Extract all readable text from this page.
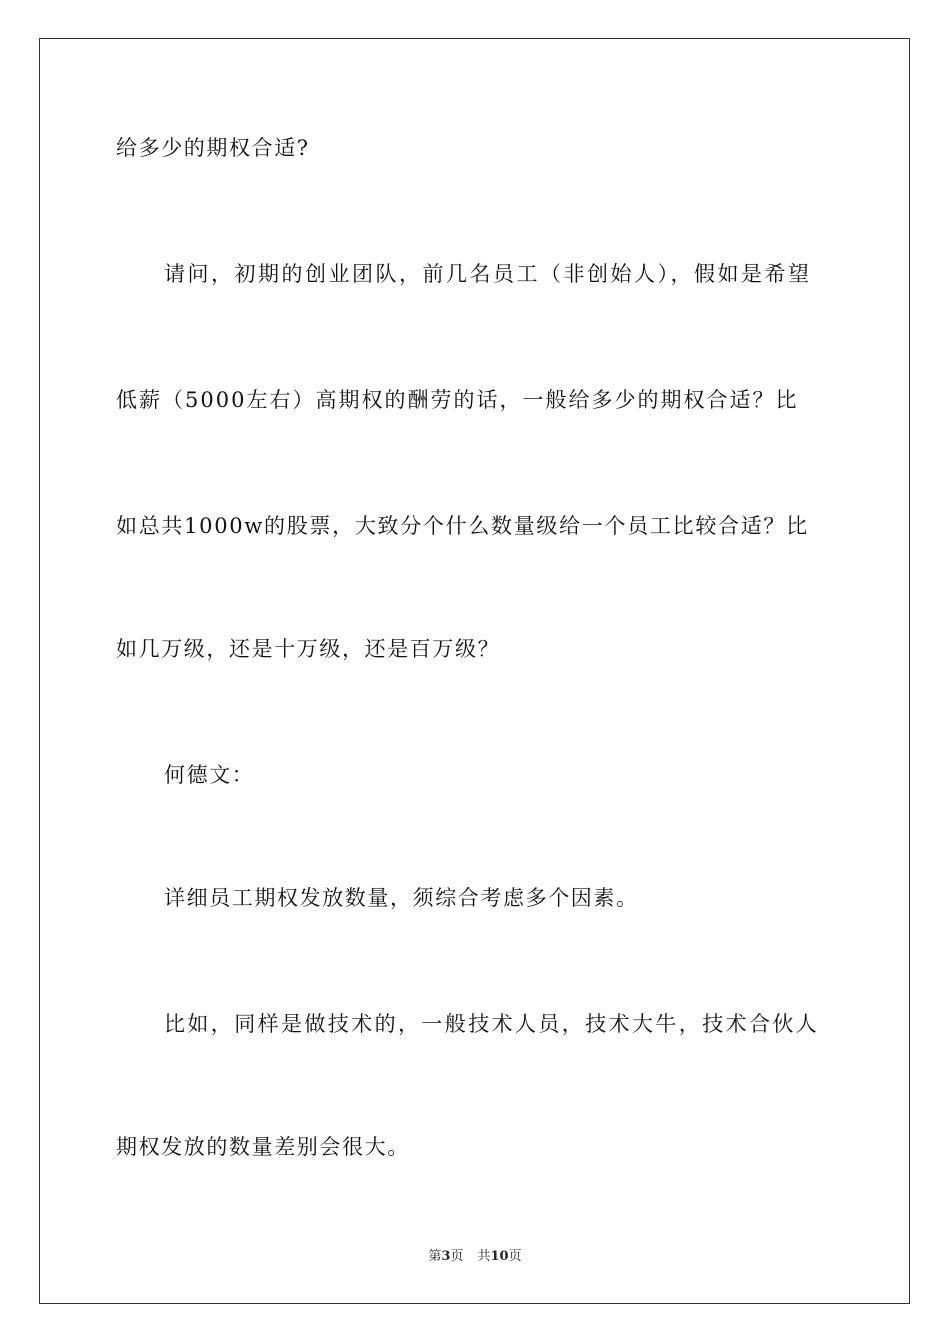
给多少的期权合适?
请问，初期的创业团队，前几名员工（非创始人），假如是希望
低薪（5000左右）高期权的酬劳的话，一般给多少的期权合适？比
如总共1000w的股票，大致分个什么数量级给一个员工比较合适？比
如几万级，还是十万级，还是百万级？
何德文：
详细员工期权发放数量，须综合考虑多个因素。
比如，同样是做技术的，一般技术人员，技术大牛，技术合伙人
期权发放的数量差别会很大。
第3页 共10页
